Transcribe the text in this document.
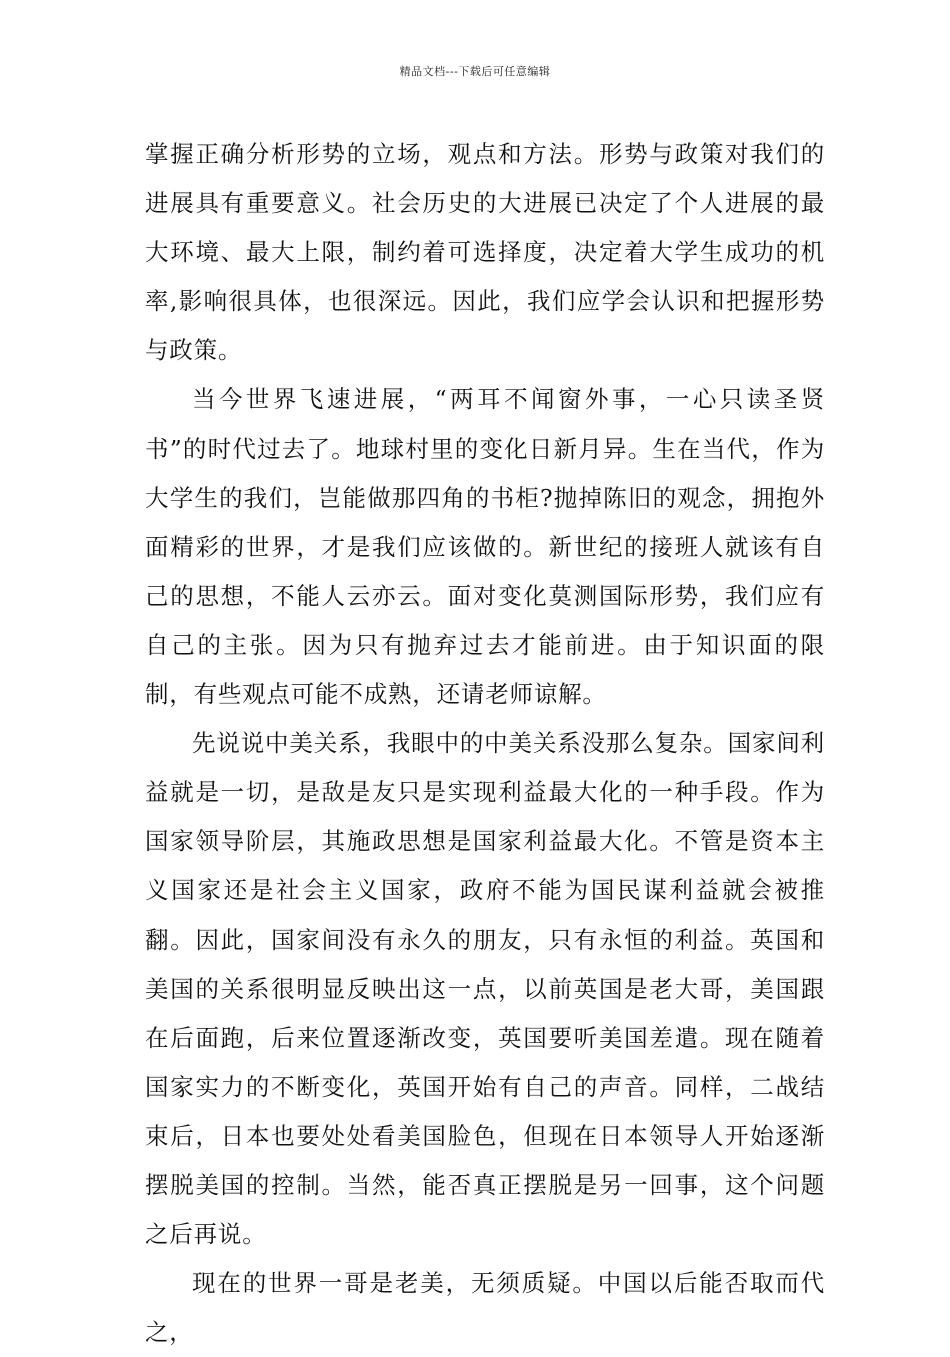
精品文档---下载后可任意编辑

掌握正确分析形势的立场，观点和方法。形势与政策对我们的进展具有重要意义。社会历史的大进展已决定了个人进展的最大环境、最大上限，制约着可选择度，决定着大学生成功的机率,影响很具体，也很深远。因此，我们应学会认识和把握形势与政策。

当今世界飞速进展，“两耳不闻窗外事，一心只读圣贤书”的时代过去了。地球村里的变化日新月异。生在当代，作为大学生的我们，岂能做那四角的书柜?抛掉陈旧的观念，拥抱外面精彩的世界，才是我们应该做的。新世纪的接班人就该有自己的思想，不能人云亦云。面对变化莫测国际形势，我们应有自己的主张。因为只有抛弃过去才能前进。由于知识面的限制，有些观点可能不成熟，还请老师谅解。

先说说中美关系，我眼中的中美关系没那么复杂。国家间利益就是一切，是敌是友只是实现利益最大化的一种手段。作为国家领导阶层，其施政思想是国家利益最大化。不管是资本主义国家还是社会主义国家，政府不能为国民谋利益就会被推翻。因此，国家间没有永久的朋友，只有永恒的利益。英国和美国的关系很明显反映出这一点，以前英国是老大哥，美国跟在后面跑，后来位置逐渐改变，英国要听美国差遣。现在随着国家实力的不断变化，英国开始有自己的声音。同样，二战结束后，日本也要处处看美国脸色，但现在日本领导人开始逐渐摆脱美国的控制。当然，能否真正摆脱是另一回事，这个问题之后再说。

现在的世界一哥是老美，无须质疑。中国以后能否取而代之，
